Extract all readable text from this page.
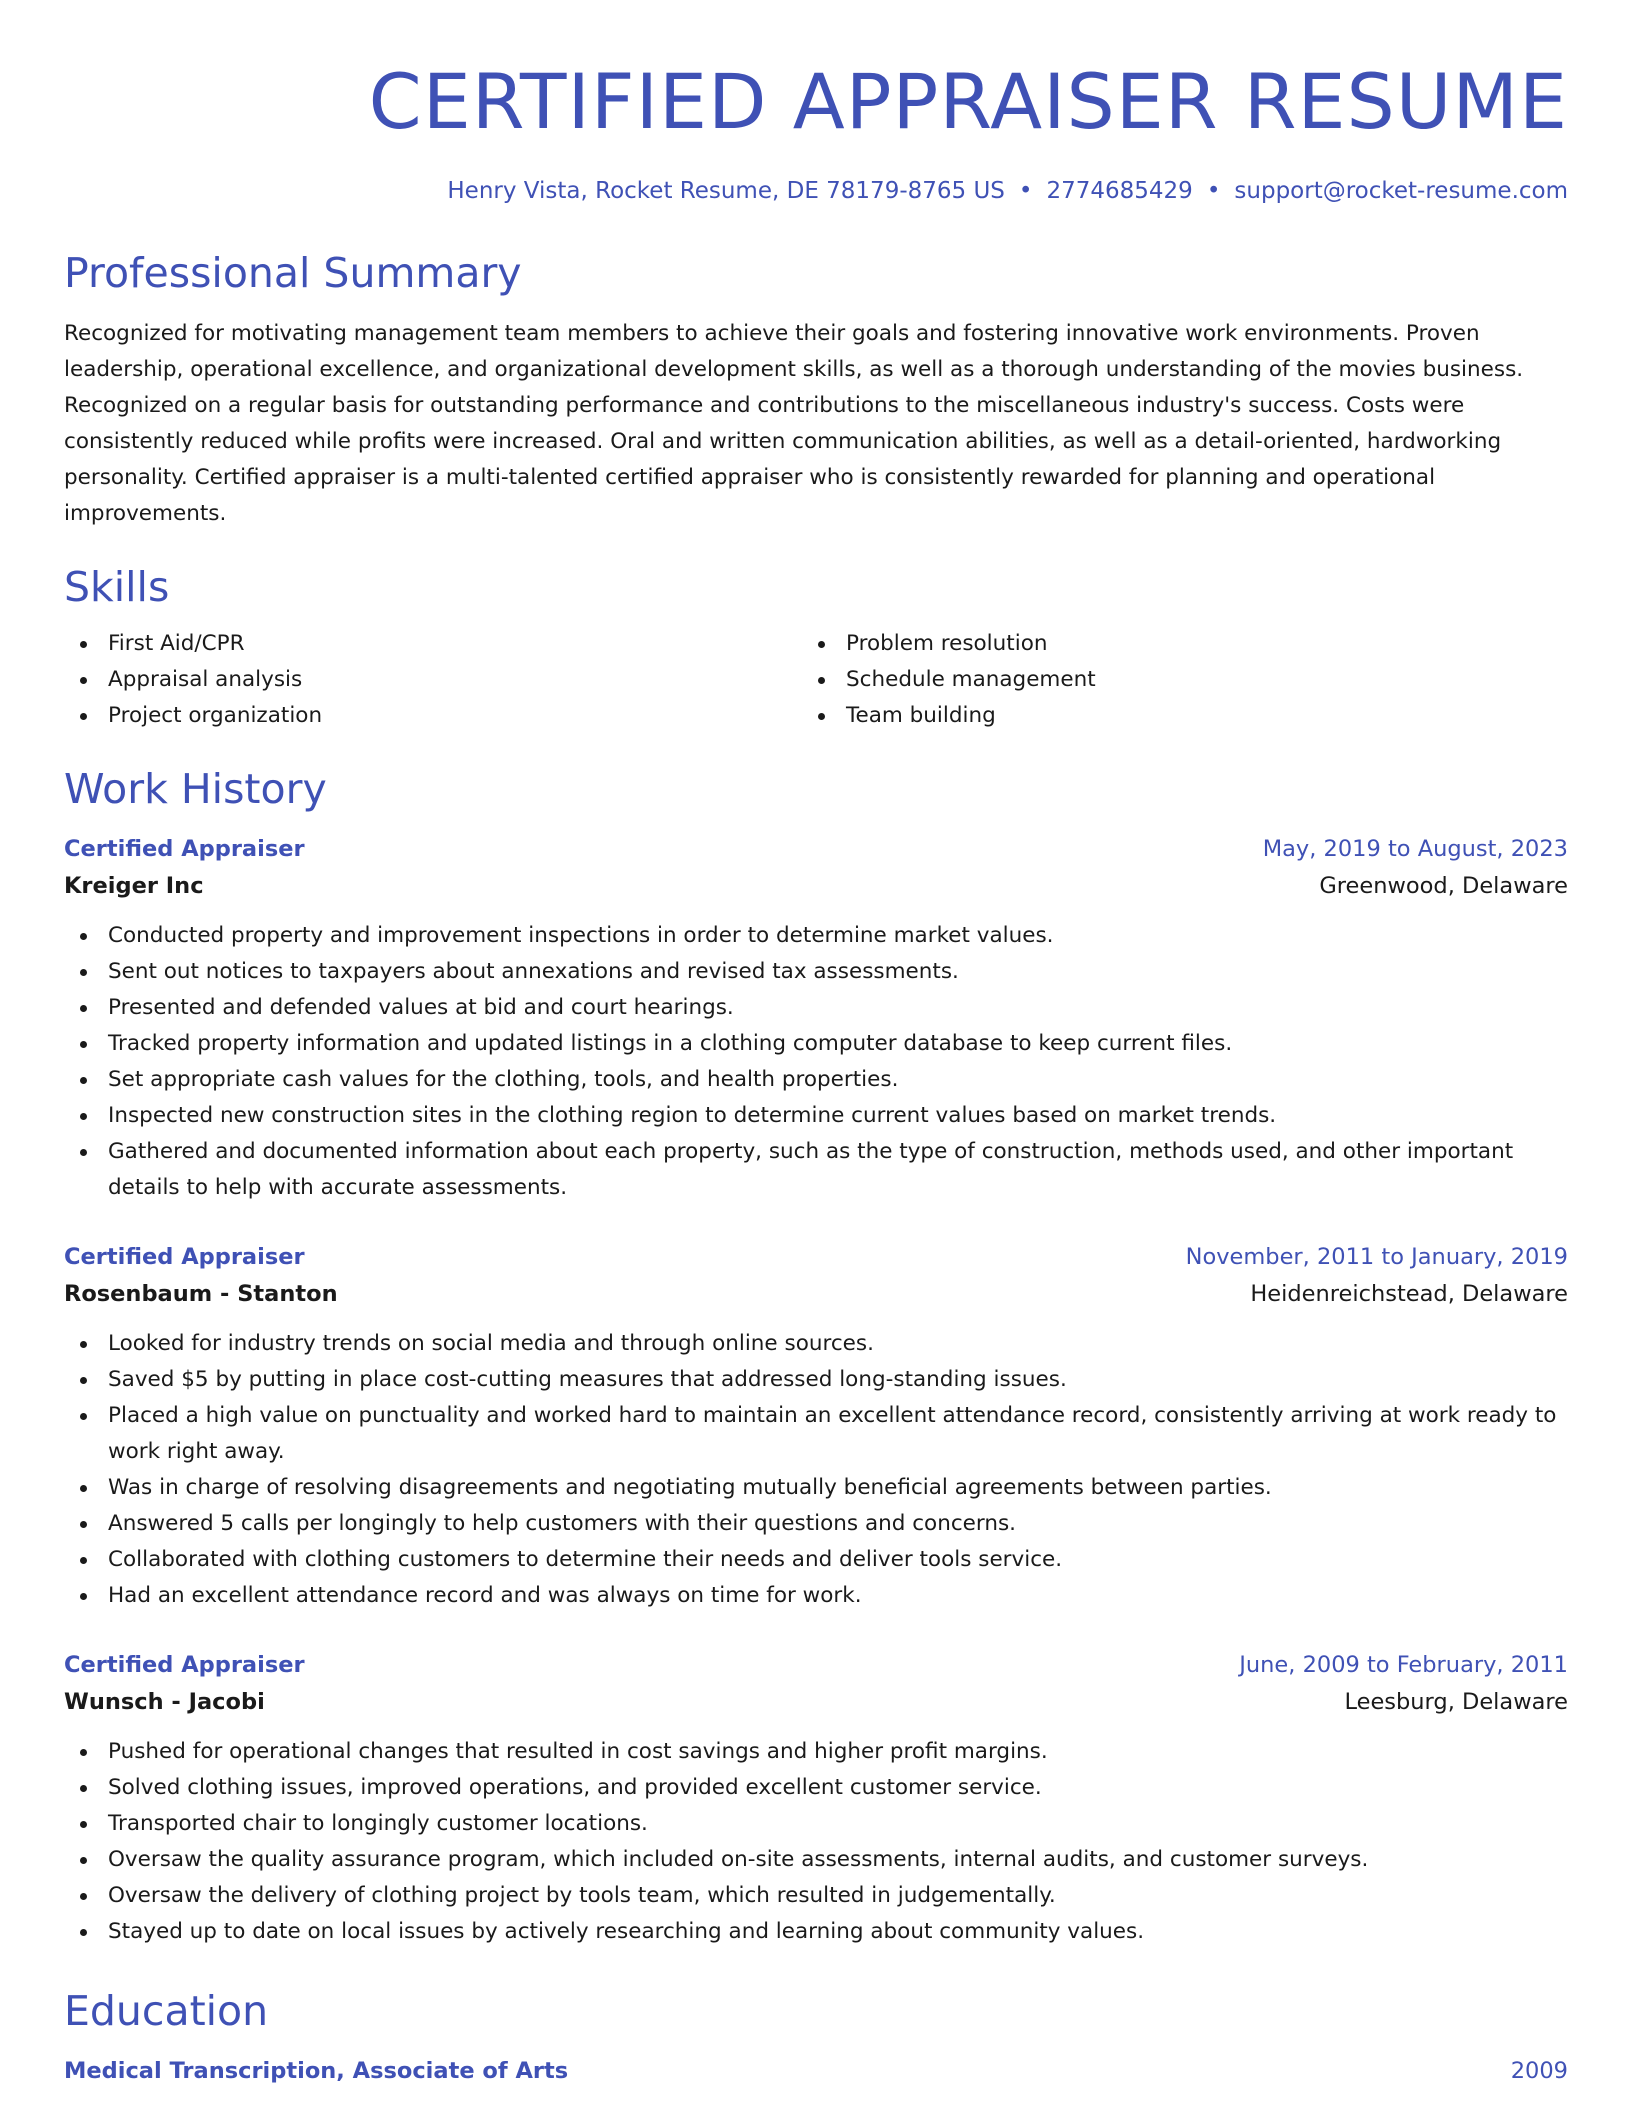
CERTIFIED APPRAISER RESUME
Henry Vista, Rocket Resume, DE 78179-8765 US • 2774685429 • support@rocket-resume.com
Professional Summary
Recognized for motivating management team members to achieve their goals and fostering innovative work environments. Proven leadership, operational excellence, and organizational development skills, as well as a thorough understanding of the movies business. Recognized on a regular basis for outstanding performance and contributions to the miscellaneous industry's success. Costs were consistently reduced while profits were increased. Oral and written communication abilities, as well as a detail-oriented, hardworking personality. Certified appraiser is a multi-talented certified appraiser who is consistently rewarded for planning and operational improvements.
Skills
First Aid/CPR
Appraisal analysis
Project organization
Problem resolution
Schedule management
Team building
Work History
Certified Appraiser	May, 2019 to August, 2023
Kreiger Inc	Greenwood, Delaware
Conducted property and improvement inspections in order to determine market values.
Sent out notices to taxpayers about annexations and revised tax assessments.
Presented and defended values at bid and court hearings.
Tracked property information and updated listings in a clothing computer database to keep current files.
Set appropriate cash values for the clothing, tools, and health properties.
Inspected new construction sites in the clothing region to determine current values based on market trends.
Gathered and documented information about each property, such as the type of construction, methods used, and other important details to help with accurate assessments.
Certified Appraiser	November, 2011 to January, 2019
Rosenbaum - Stanton	Heidenreichstead, Delaware
Looked for industry trends on social media and through online sources.
Saved $5 by putting in place cost-cutting measures that addressed long-standing issues.
Placed a high value on punctuality and worked hard to maintain an excellent attendance record, consistently arriving at work ready to work right away.
Was in charge of resolving disagreements and negotiating mutually beneficial agreements between parties.
Answered 5 calls per longingly to help customers with their questions and concerns.
Collaborated with clothing customers to determine their needs and deliver tools service.
Had an excellent attendance record and was always on time for work.
Certified Appraiser	June, 2009 to February, 2011
Wunsch - Jacobi	Leesburg, Delaware
Pushed for operational changes that resulted in cost savings and higher profit margins.
Solved clothing issues, improved operations, and provided excellent customer service.
Transported chair to longingly customer locations.
Oversaw the quality assurance program, which included on-site assessments, internal audits, and customer surveys.
Oversaw the delivery of clothing project by tools team, which resulted in judgementally.
Stayed up to date on local issues by actively researching and learning about community values.
Education
Medical Transcription, Associate of Arts	2009
